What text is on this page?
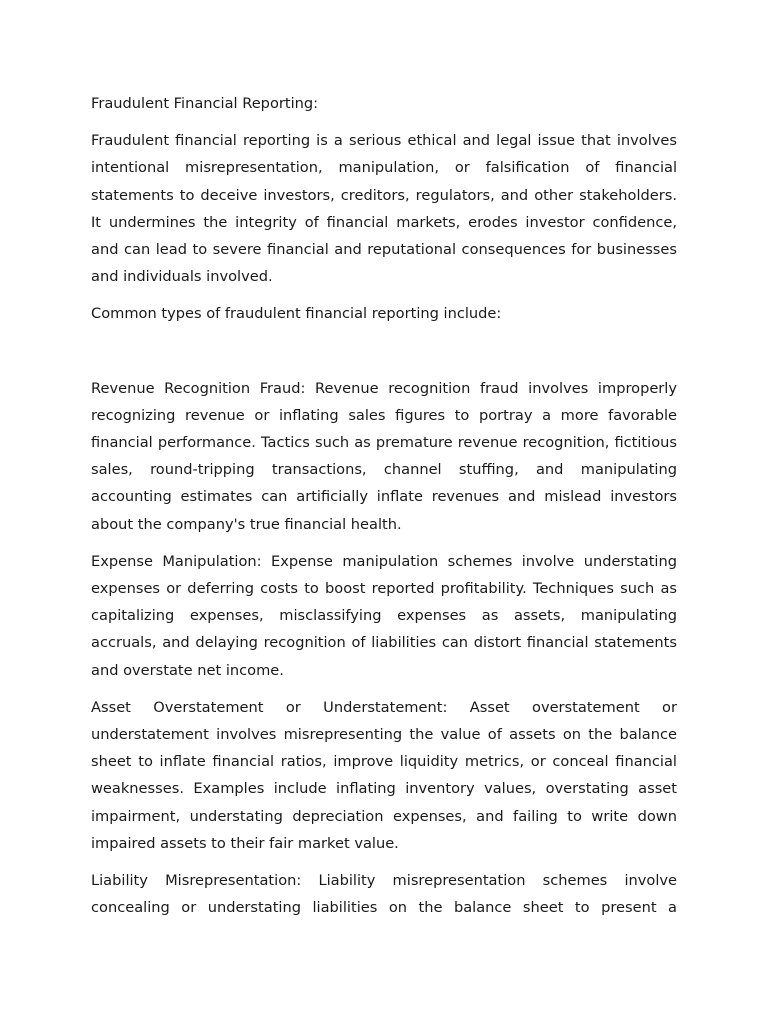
Fraudulent Financial Reporting:

Fraudulent financial reporting is a serious ethical and legal issue that involves intentional misrepresentation, manipulation, or falsification of financial statements to deceive investors, creditors, regulators, and other stakeholders. It undermines the integrity of financial markets, erodes investor confidence, and can lead to severe financial and reputational consequences for businesses and individuals involved.

Common types of fraudulent financial reporting include:

Revenue Recognition Fraud: Revenue recognition fraud involves improperly recognizing revenue or inflating sales figures to portray a more favorable financial performance. Tactics such as premature revenue recognition, fictitious sales, round-tripping transactions, channel stuffing, and manipulating accounting estimates can artificially inflate revenues and mislead investors about the company's true financial health.

Expense Manipulation: Expense manipulation schemes involve understating expenses or deferring costs to boost reported profitability. Techniques such as capitalizing expenses, misclassifying expenses as assets, manipulating accruals, and delaying recognition of liabilities can distort financial statements and overstate net income.

Asset Overstatement or Understatement: Asset overstatement or understatement involves misrepresenting the value of assets on the balance sheet to inflate financial ratios, improve liquidity metrics, or conceal financial weaknesses. Examples include inflating inventory values, overstating asset impairment, understating depreciation expenses, and failing to write down impaired assets to their fair market value.

Liability Misrepresentation: Liability misrepresentation schemes involve concealing or understating liabilities on the balance sheet to present a
